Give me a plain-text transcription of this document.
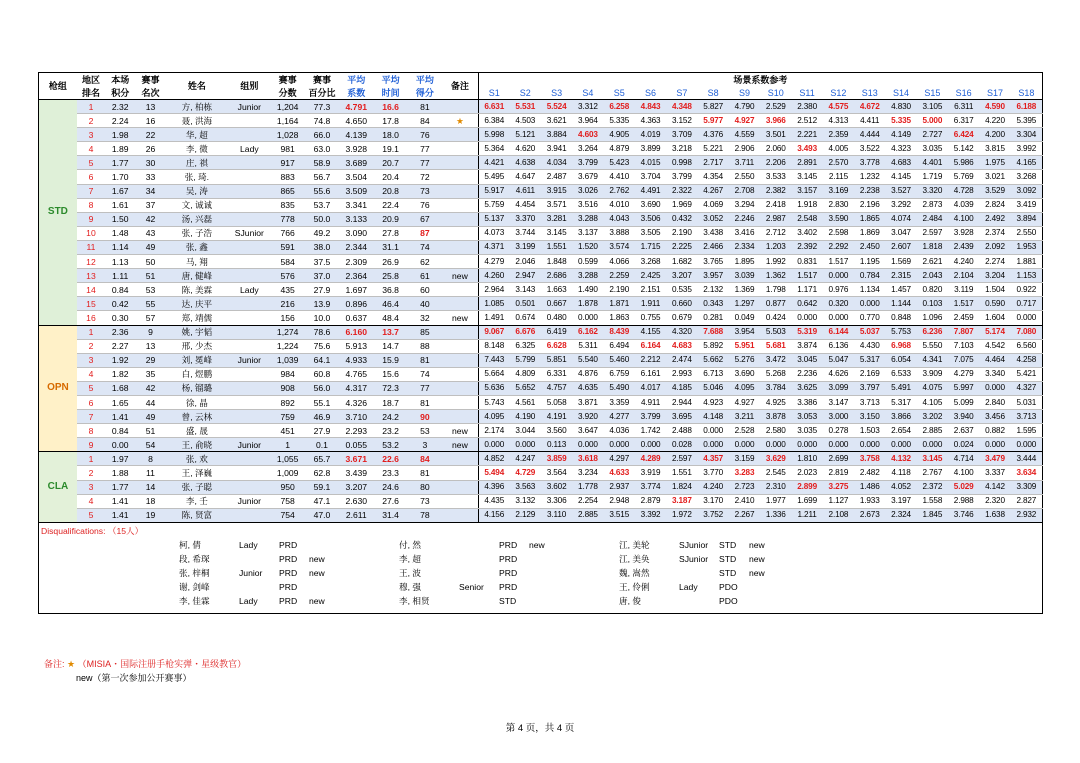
枪组	地区	本场	赛事	姓名	组别	赛事	赛事	平均	平均	平均	备注	场景系数参考																	
	排名	积分	名次			分数	百分比	系数	时间	得分		S1	S2	S3	S4	S5	S6	S7	S8	S9	S10	S11	S12	S13	S14	S15	S16	S17	S18
STD	1	2.32	13	方, 柏栋	Junior	1,204	77.3	4.791	16.6	81		6.631	5.531	5.524	3.312	6.258	4.843	4.348	5.827	4.790	2.529	2.380	4.575	4.672	4.830	3.105	6.311	4.590	6.188
	2	2.24	16	聂, 洪海		1,164	74.8	4.650	17.8	84	★	6.384	4.503	3.621	3.964	5.335	4.363	3.152	5.977	4.927	3.966	2.512	4.313	4.411	5.335	5.000	6.317	4.220	5.395
	3	1.98	22	华, 超		1,028	66.0	4.139	18.0	76		5.998	5.121	3.884	4.603	4.905	4.019	3.709	4.376	4.559	3.501	2.221	2.359	4.444	4.149	2.727	6.424	4.200	3.304
	4	1.89	26	李, 微	Lady	981	63.0	3.928	19.1	77		5.364	4.620	3.941	3.264	4.879	3.899	3.218	5.221	2.906	2.060	3.493	4.005	3.522	4.323	3.035	5.142	3.815	3.992
	5	1.77	30	庄, 祺		917	58.9	3.689	20.7	77		4.421	4.638	4.034	3.799	5.423	4.015	0.998	2.717	3.711	2.206	2.891	2.570	3.778	4.683	4.401	5.986	1.975	4.165
	6	1.70	33	张, 琦.		883	56.7	3.504	20.4	72		5.495	4.647	2.487	3.679	4.410	3.704	3.799	4.354	2.550	3.533	3.145	2.115	1.232	4.145	1.719	5.769	3.021	3.268
	7	1.67	34	吴, 涛		865	55.6	3.509	20.8	73		5.917	4.611	3.915	3.026	2.762	4.491	2.322	4.267	2.708	2.382	3.157	3.169	2.238	3.527	3.320	4.728	3.529	3.092
	8	1.61	37	文, 诚诚		835	53.7	3.341	22.4	76		5.759	4.454	3.571	3.516	4.010	3.690	1.969	4.069	3.294	2.418	1.918	2.830	2.196	3.292	2.873	4.039	2.824	3.419
	9	1.50	42	汤, 兴磊		778	50.0	3.133	20.9	67		5.137	3.370	3.281	3.288	4.043	3.506	0.432	3.052	2.246	2.987	2.548	3.590	1.865	4.074	2.484	4.100	2.492	3.894
	10	1.48	43	张, 子浩	SJunior	766	49.2	3.090	27.8	87		4.073	3.744	3.145	3.137	3.888	3.505	2.190	3.438	3.416	2.712	3.402	2.598	1.869	3.047	2.597	3.928	2.374	2.550
	11	1.14	49	张, 鑫		591	38.0	2.344	31.1	74		4.371	3.199	1.551	1.520	3.574	1.715	2.225	2.466	2.334	1.203	2.392	2.292	2.450	2.607	1.818	2.439	2.092	1.953
	12	1.13	50	马, 翔		584	37.5	2.309	26.9	62		4.279	2.046	1.848	0.599	4.066	3.268	1.682	3.765	1.895	1.992	0.831	1.517	1.195	1.569	2.621	4.240	2.274	1.881
	13	1.11	51	唐, 健峰		576	37.0	2.364	25.8	61	new	4.260	2.947	2.686	3.288	2.259	2.425	3.207	3.957	3.039	1.362	1.517	0.000	0.784	2.315	2.043	2.104	3.204	1.153
	14	0.84	53	陈, 美霖	Lady	435	27.9	1.697	36.8	60		2.964	3.143	1.663	1.490	2.190	2.151	0.535	2.132	1.369	1.798	1.171	0.976	1.134	1.457	0.820	3.119	1.504	0.922
	15	0.42	55	达, 庆平		216	13.9	0.896	46.4	40		1.085	0.501	0.667	1.878	1.871	1.911	0.660	0.343	1.297	0.877	0.642	0.320	0.000	1.144	0.103	1.517	0.590	0.717
	16	0.30	57	郑, 靖儒		156	10.0	0.637	48.4	32	new	1.491	0.674	0.480	0.000	1.863	0.755	0.679	0.281	0.049	0.424	0.000	0.000	0.770	0.848	1.096	2.459	1.604	0.000
OPN	1	2.36	9	姚, 宇韬		1,274	78.6	6.160	13.7	85		9.067	6.676	6.419	6.162	8.439	4.155	4.320	7.688	3.954	5.503	5.319	6.144	5.037	5.753	6.236	7.807	5.174	7.080
	2	2.27	13	邢, 少杰		1,224	75.6	5.913	14.7	88		8.148	6.325	6.628	5.311	6.494	6.164	4.683	5.892	5.951	5.681	3.874	6.136	4.430	6.968	5.550	7.103	4.542	6.560
	3	1.92	29	刘, 冕峰	Junior	1,039	64.1	4.933	15.9	81		7.443	5.799	5.851	5.540	5.460	2.212	2.474	5.662	5.276	3.472	3.045	5.047	5.317	6.054	4.341	7.075	4.464	4.258
	4	1.82	35	白, 煜鹏		984	60.8	4.765	15.6	74		5.664	4.809	6.331	4.876	6.759	6.161	2.993	6.713	3.690	5.268	2.236	4.626	2.169	6.533	3.909	4.279	3.340	5.421
	5	1.68	42	杨, 镏璐		908	56.0	4.317	72.3	77		5.636	5.652	4.757	4.635	5.490	4.017	4.185	5.046	4.095	3.784	3.625	3.099	3.797	5.491	4.075	5.997	0.000	4.327
	6	1.65	44	徐, 晶		892	55.1	4.326	18.7	81		5.743	4.561	5.058	3.871	3.359	4.911	2.944	4.923	4.927	4.925	3.386	3.147	3.713	5.317	4.105	5.099	2.840	5.031
	7	1.41	49	曾, 云林		759	46.9	3.710	24.2	90		4.095	4.190	4.191	3.920	4.277	3.799	3.695	4.148	3.211	3.878	3.053	3.000	3.150	3.866	3.202	3.940	3.456	3.713
	8	0.84	51	盛, 晟		451	27.9	2.293	23.2	53	new	2.174	3.044	3.560	3.647	4.036	1.742	2.488	0.000	2.528	2.580	3.035	0.278	1.503	2.654	2.885	2.637	0.882	1.595
	9	0.00	54	王, 俞晓	Junior	1	0.1	0.055	53.2	3	new	0.000	0.000	0.113	0.000	0.000	0.000	0.028	0.000	0.000	0.000	0.000	0.000	0.000	0.000	0.000	0.024	0.000	0.000
CLA	1	1.97	8	张, 欢		1,055	65.7	3.671	22.6	84		4.852	4.247	3.859	3.618	4.297	4.289	2.597	4.357	3.159	3.629	1.810	2.699	3.758	4.132	3.145	4.714	3.479	3.444
	2	1.88	11	王, 泽巍		1,009	62.8	3.439	23.3	81		5.494	4.729	3.564	3.234	4.633	3.919	1.551	3.770	3.283	2.545	2.023	2.819	2.482	4.118	2.767	4.100	3.337	3.634
	3	1.77	14	张, 子聪		950	59.1	3.207	24.6	80		4.396	3.563	3.602	1.778	2.937	3.774	1.824	4.240	2.723	2.310	2.899	3.275	1.486	4.052	2.372	5.029	4.142	3.309
	4	1.41	18	李, 壬	Junior	758	47.1	2.630	27.6	73		4.435	3.132	3.306	2.254	2.948	2.879	3.187	3.170	2.410	1.977	1.699	1.127	1.933	3.197	1.558	2.988	2.320	2.827
	5	1.41	19	陈, 贤富		754	47.0	2.611	31.4	78		4.156	2.129	3.110	2.885	3.515	3.392	1.972	3.752	2.267	1.336	1.211	2.108	2.673	2.324	1.845	3.746	1.638	2.932
Disqualifications: （15人）
柯, 倩	Lady PRD
段, 希琛	PRD new
张, 梓桐	Junior PRD new
谢, 剑峰	PRD
李, 佳霖	Lady PRD new
付, 然	PRD new
李, 超	PRD
王, 波	PRD
穆, 强	Senior PRD
李, 相贤	STD
江, 美轮	SJunior STD new
江, 美奂	SJunior STD new
魏, 嵩然	STD new
王, 伶俐	Lady PDO
唐, 俊	PDO
备注: ★ （MISIA・国际注册手枪实弹・星级教官）
new（第一次参加公开赛事）
第 4 页，共 4 页
